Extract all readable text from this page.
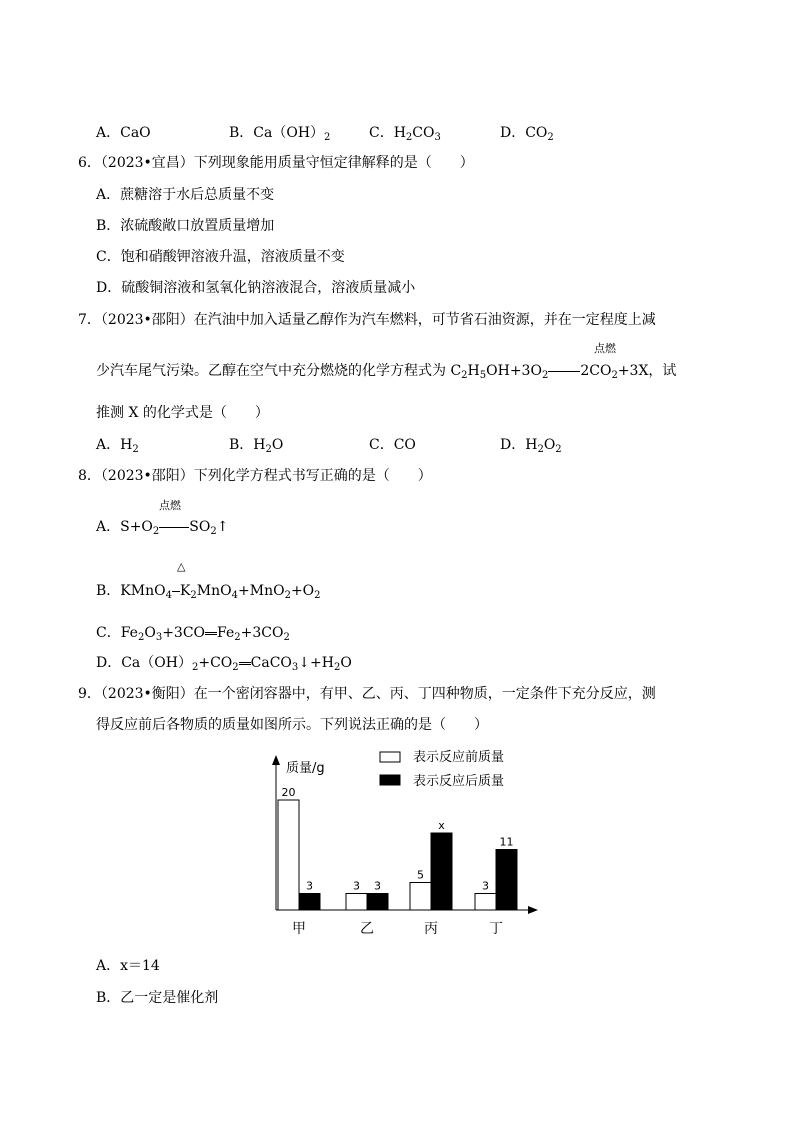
A．CaO	B．$Ca(OH)_2$	C．$H_2CO_3$	D．$CO_2$
6．（2023•宜昌）下列现象能用质量守恒定律解释的是（　　）
A．蔗糖溶于水后总质量不变
B．浓硫酸敞口放置质量增加
C．饱和硝酸钾溶液升温，溶液质量不变
D．硫酸铜溶液和氢氧化钠溶液混合，溶液质量减小
7．（2023•邵阳）在汽油中加入适量乙醇作为汽车燃料，可节省石油资源，并在一定程度上减
点燃
少汽车尾气污染。乙醇在空气中充分燃烧的化学方程式为 $C_2H_5OH+3O_2$ $2CO_2+3X$，试
推测 X 的化学式是（　　）
A．$H_2$	B．$H_2O$	C．CO	D．$H_2O_2$
8．（2023•邵阳）下列化学方程式书写正确的是（　　）
点燃
A．$S+O_2$ $SO_2↑$
△
B．KMnO$_4$ $K_2MnO_4+MnO_2+O_2$
C．$Fe_2O_3+3CO$ $Fe_2+3CO_2$
D．$Ca(OH)_2+CO_2$ $CaCO_3↓+H_2O$
9．（2023•衡阳）在一个密闭容器中，有甲、乙、丙、丁四种物质，一定条件下充分反应，测
得反应前后各物质的质量如图所示。下列说法正确的是（　　）
质量/g
表示反应前质量
表示反应后质量
20
3
甲
3 3
乙
5
x
丙
3
11
丁
A．x＝14
B．乙一定是催化剂
